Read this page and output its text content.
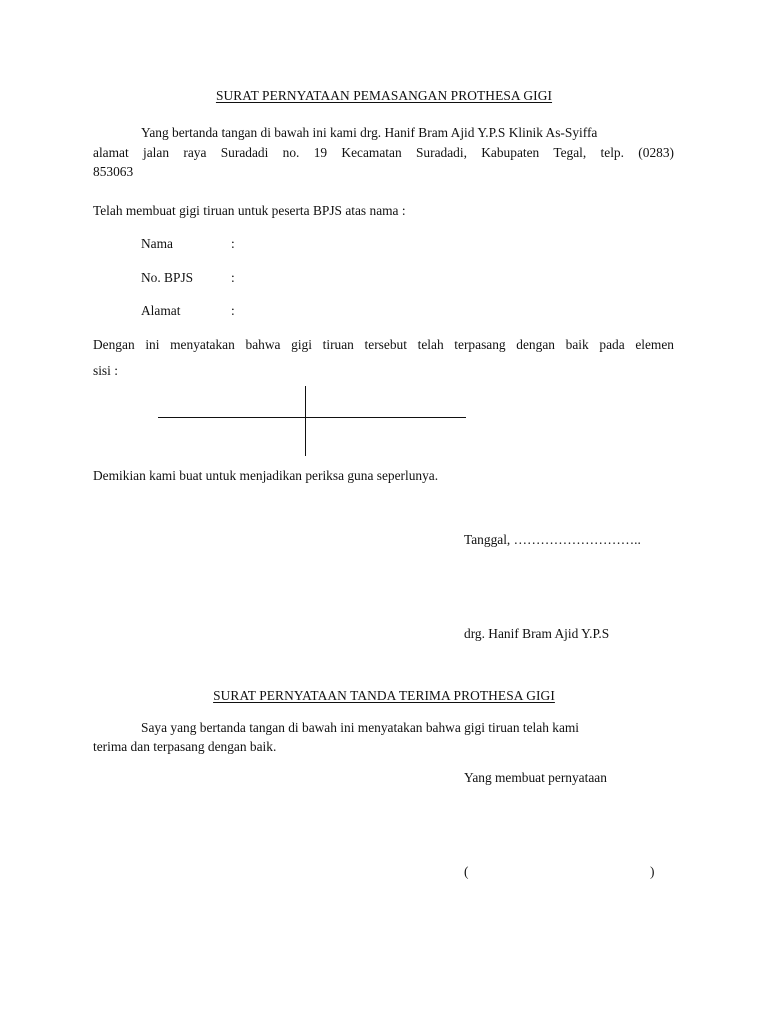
SURAT PERNYATAAN PEMASANGAN PROTHESA GIGI
Yang bertanda tangan di bawah ini kami drg. Hanif Bram Ajid Y.P.S Klinik As-Syiffa
alamat jalan raya Suradadi no. 19 Kecamatan Suradadi, Kabupaten Tegal, telp. (0283)
853063
Telah membuat gigi tiruan untuk peserta BPJS atas nama :
Nama	:
No. BPJS	:
Alamat	:
Dengan ini menyatakan bahwa gigi tiruan tersebut telah terpasang dengan baik pada elemen
sisi :
Demikian kami buat untuk menjadikan periksa guna seperlunya.
Tanggal, ………………………..
drg. Hanif Bram Ajid Y.P.S
SURAT PERNYATAAN TANDA TERIMA PROTHESA GIGI
Saya yang bertanda tangan di bawah ini menyatakan bahwa gigi tiruan telah kami
terima dan terpasang dengan baik.
Yang membuat pernyataan
(	)
